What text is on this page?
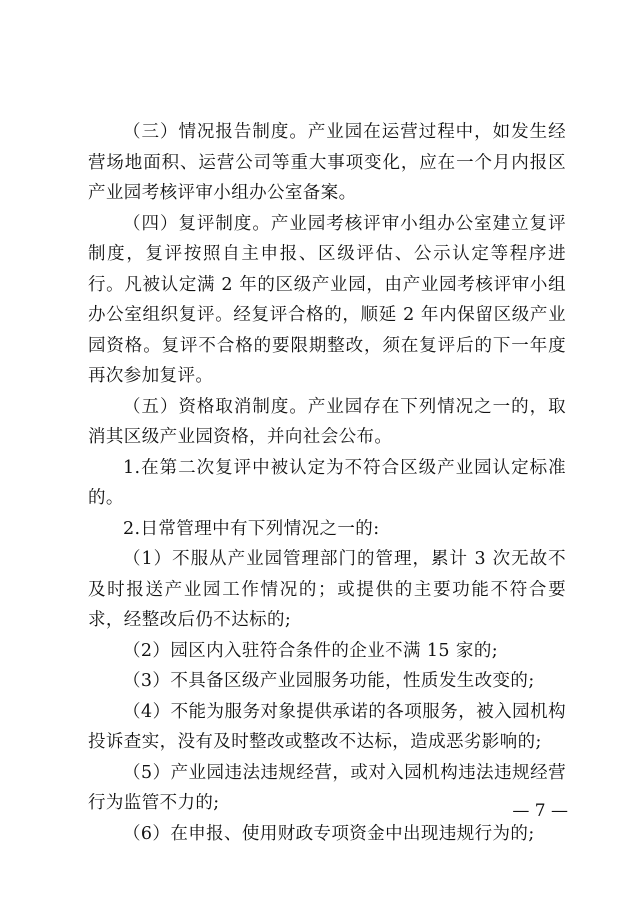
（三）情况报告制度。产业园在运营过程中，如发生经营场地面积、运营公司等重大事项变化，应在一个月内报区产业园考核评审小组办公室备案。

（四）复评制度。产业园考核评审小组办公室建立复评制度，复评按照自主申报、区级评估、公示认定等程序进行。凡被认定满 2 年的区级产业园，由产业园考核评审小组办公室组织复评。经复评合格的，顺延 2 年内保留区级产业园资格。复评不合格的要限期整改，须在复评后的下一年度再次参加复评。

（五）资格取消制度。产业园存在下列情况之一的，取消其区级产业园资格，并向社会公布。

1.在第二次复评中被认定为不符合区级产业园认定标准的。

2.日常管理中有下列情况之一的:

（1）不服从产业园管理部门的管理，累计 3 次无故不及时报送产业园工作情况的；或提供的主要功能不符合要求，经整改后仍不达标的;

（2）园区内入驻符合条件的企业不满 15 家的;

（3）不具备区级产业园服务功能，性质发生改变的;

（4）不能为服务对象提供承诺的各项服务，被入园机构投诉查实，没有及时整改或整改不达标，造成恶劣影响的;

（5）产业园违法违规经营，或对入园机构违法违规经营行为监管不力的;

（6）在申报、使用财政专项资金中出现违规行为的;

— 7 —
